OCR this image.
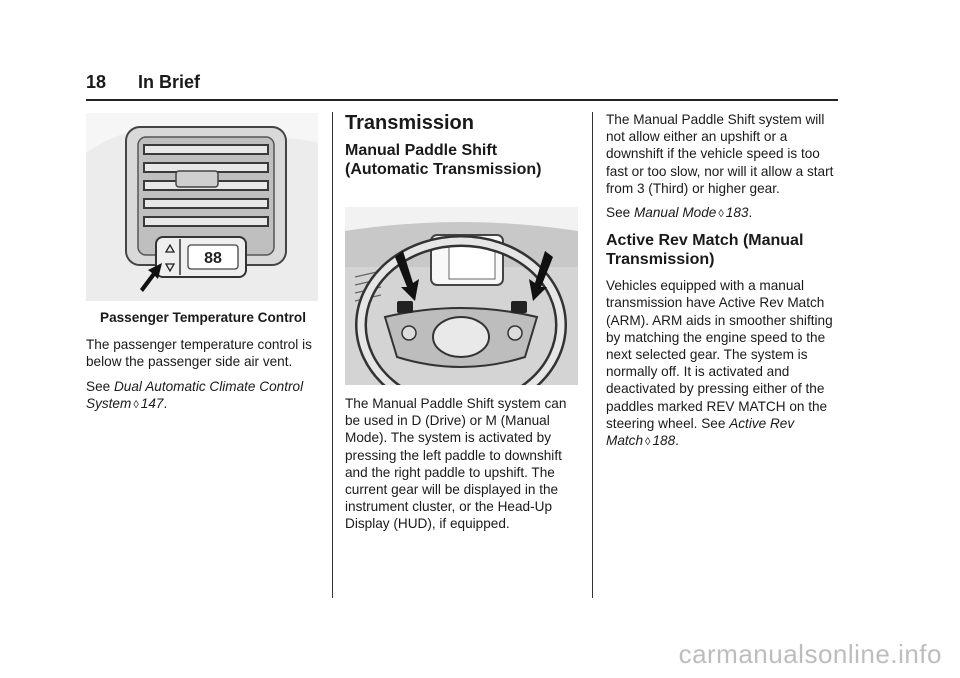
18 In Brief
88
Passenger Temperature Control

The passenger temperature control is below the passenger side air vent.

See Dual Automatic Climate Control System ◊ 147.

Transmission
Manual Paddle Shift (Automatic Transmission)

The Manual Paddle Shift system can be used in D (Drive) or M (Manual Mode). The system is activated by pressing the left paddle to downshift and the right paddle to upshift. The current gear will be displayed in the instrument cluster, or the Head-Up Display (HUD), if equipped.

The Manual Paddle Shift system will not allow either an upshift or a downshift if the vehicle speed is too fast or too slow, nor will it allow a start from 3 (Third) or higher gear.

See Manual Mode ◊ 183.

Active Rev Match (Manual Transmission)

Vehicles equipped with a manual transmission have Active Rev Match (ARM). ARM aids in smoother shifting by matching the engine speed to the next selected gear. The system is normally off. It is activated and deactivated by pressing either of the paddles marked REV MATCH on the steering wheel. See Active Rev Match ◊ 188.

carmanualsonline.info
